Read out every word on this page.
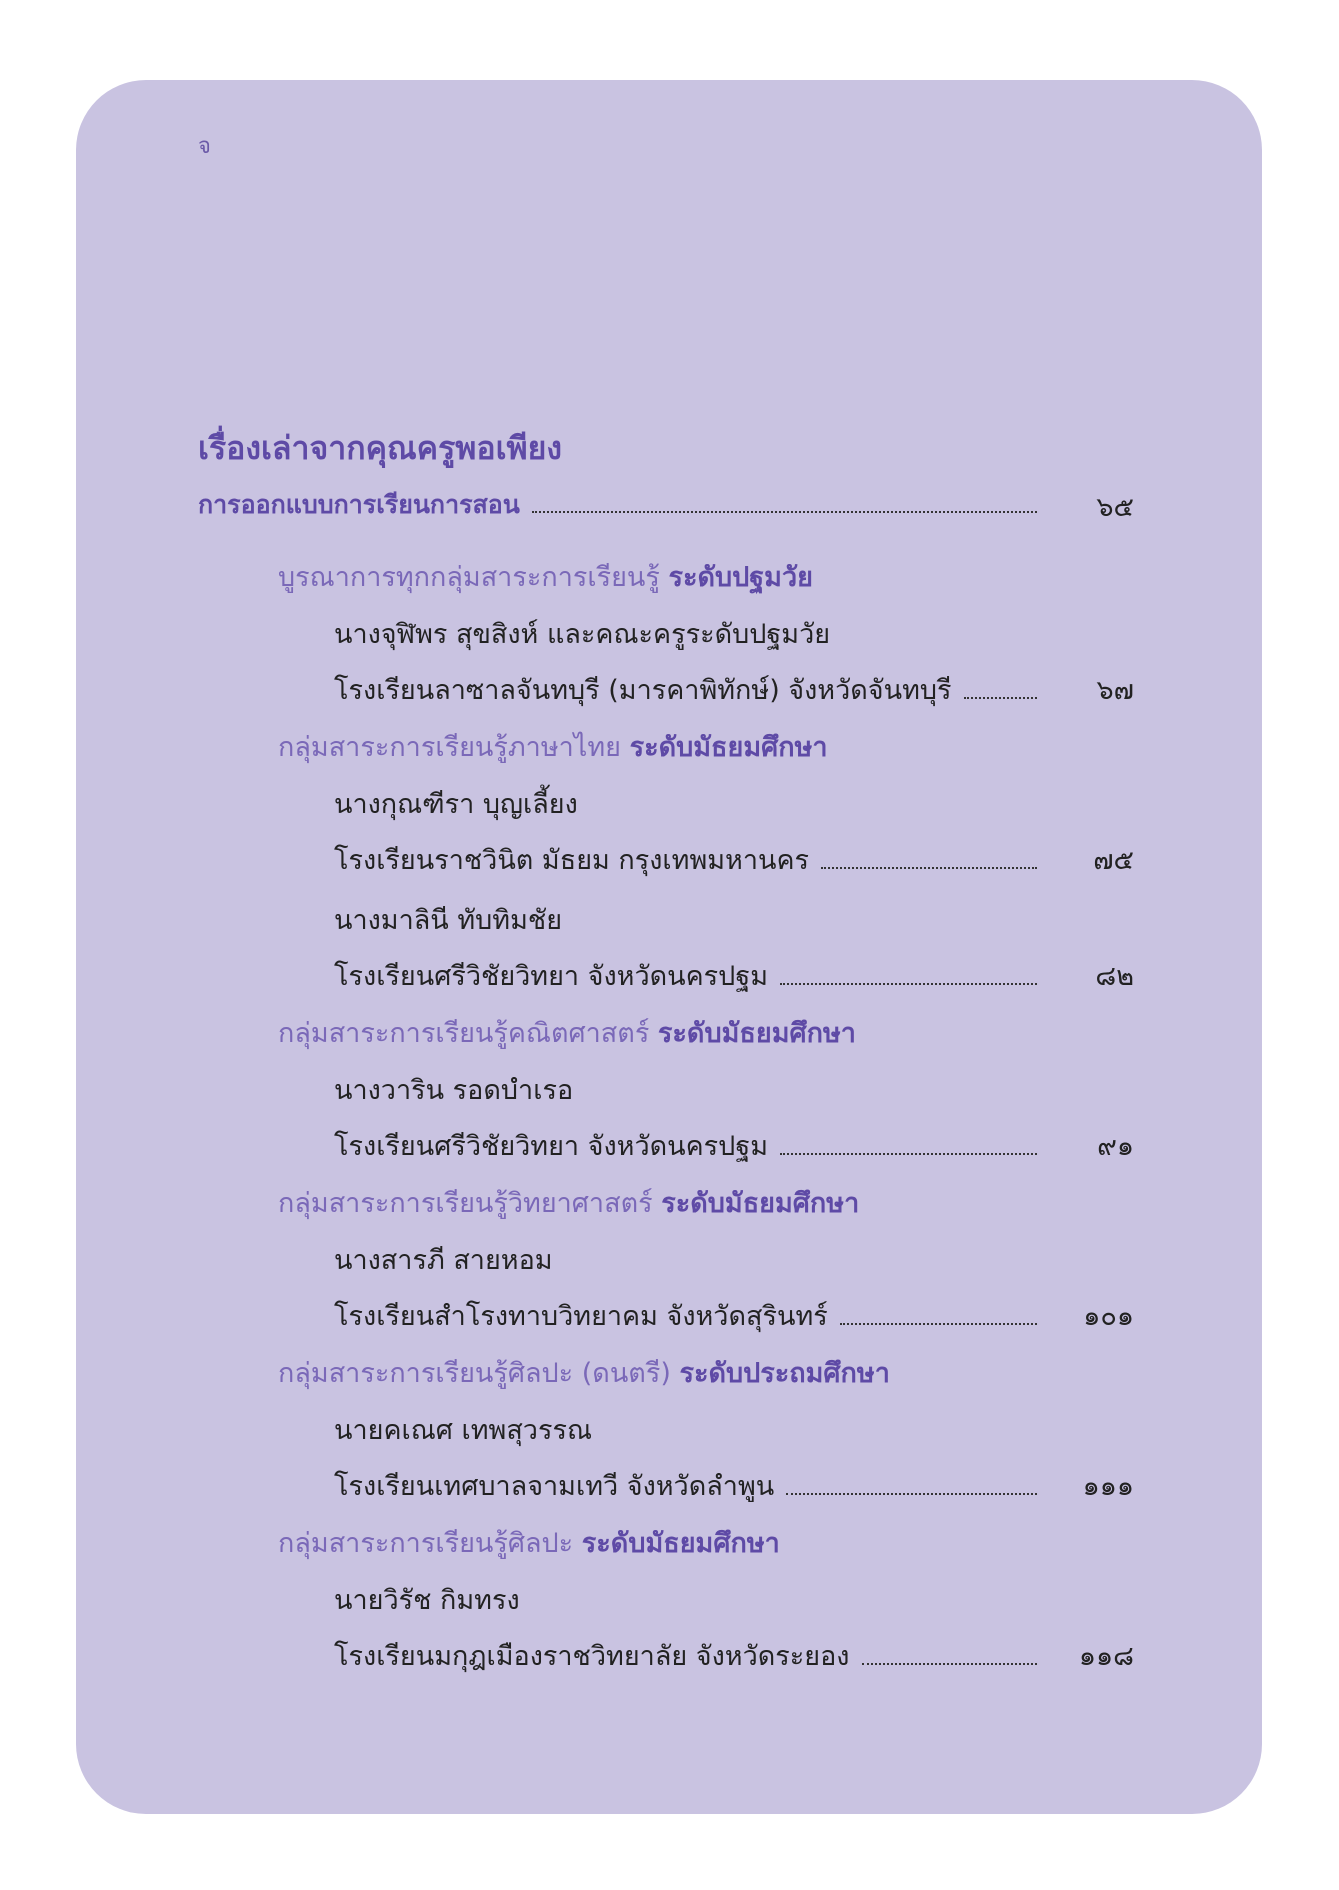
จ
เรื่องเล่าจากคุณครูพอเพียง
การออกแบบการเรียนการสอน	๖๕
บูรณาการทุกกลุ่มสาระการเรียนรู้ ระดับปฐมวัย
นางจุฬิพร สุขสิงห์ และคณะครูระดับปฐมวัย
โรงเรียนลาซาลจันทบุรี (มารคาพิทักษ์) จังหวัดจันทบุรี	๖๗
กลุ่มสาระการเรียนรู้ภาษาไทย ระดับมัธยมศึกษา
นางกุณฑีรา บุญเลี้ยง
โรงเรียนราชวินิต มัธยม กรุงเทพมหานคร	๗๕
นางมาลินี ทับทิมชัย
โรงเรียนศรีวิชัยวิทยา จังหวัดนครปฐม	๘๒
กลุ่มสาระการเรียนรู้คณิตศาสตร์ ระดับมัธยมศึกษา
นางวาริน รอดบำเรอ
โรงเรียนศรีวิชัยวิทยา จังหวัดนครปฐม	๙๑
กลุ่มสาระการเรียนรู้วิทยาศาสตร์ ระดับมัธยมศึกษา
นางสารภี สายหอม
โรงเรียนสำโรงทาบวิทยาคม จังหวัดสุรินทร์	๑๐๑
กลุ่มสาระการเรียนรู้ศิลปะ (ดนตรี) ระดับประถมศึกษา
นายคเณศ เทพสุวรรณ
โรงเรียนเทศบาลจามเทวี จังหวัดลำพูน	๑๑๑
กลุ่มสาระการเรียนรู้ศิลปะ ระดับมัธยมศึกษา
นายวิรัช กิมทรง
โรงเรียนมกุฎเมืองราชวิทยาลัย จังหวัดระยอง	๑๑๘
